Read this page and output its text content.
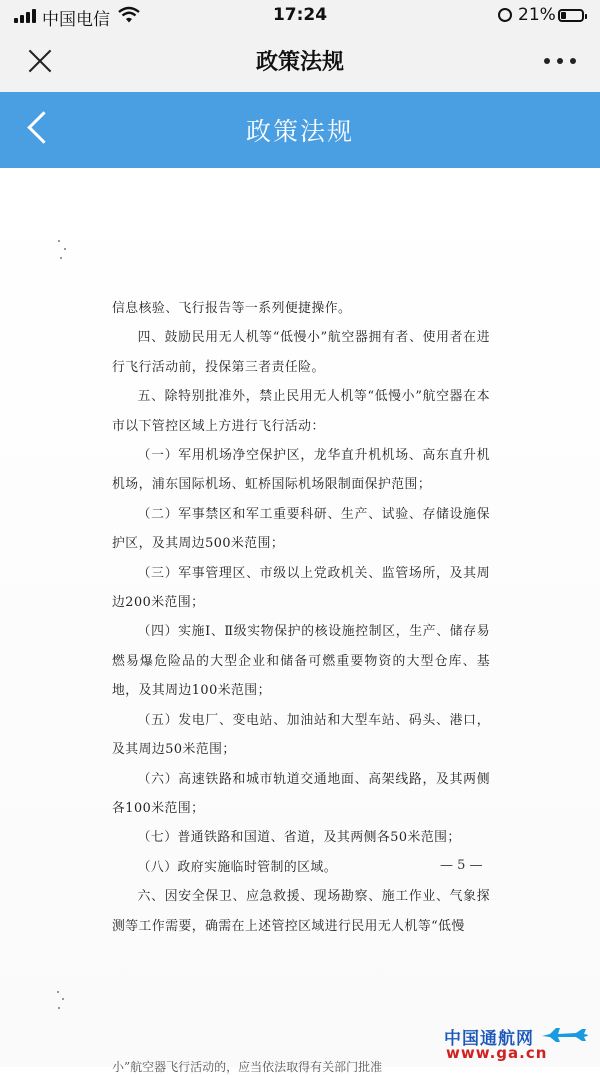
中国电信	17:24	21%
政策法规
政策法规

信息核验、飞行报告等一系列便捷操作。

四、鼓励民用无人机等“低慢小”航空器拥有者、使用者在进行飞行活动前，投保第三者责任险。

五、除特别批准外，禁止民用无人机等“低慢小”航空器在本市以下管控区域上方进行飞行活动：

（一）军用机场净空保护区，龙华直升机机场、高东直升机机场，浦东国际机场、虹桥国际机场限制面保护范围；

（二）军事禁区和军工重要科研、生产、试验、存储设施保护区，及其周边500米范围；

（三）军事管理区、市级以上党政机关、监管场所，及其周边200米范围；

（四）实施Ⅰ、Ⅱ级实物保护的核设施控制区，生产、储存易燃易爆危险品的大型企业和储备可燃重要物资的大型仓库、基地，及其周边100米范围；

（五）发电厂、变电站、加油站和大型车站、码头、港口，及其周边50米范围；

（六）高速铁路和城市轨道交通地面、高架线路，及其两侧各100米范围；

（七）普通铁路和国道、省道，及其两侧各50米范围；

（八）政府实施临时管制的区域。

六、因安全保卫、应急救援、现场勘察、施工作业、气象探测等工作需要，确需在上述管控区域进行民用无人机等“低慢

— 5 —
小”航空器飞行活动的，应当依法取得有关部门批准
中国通航网
www.ga.cn
